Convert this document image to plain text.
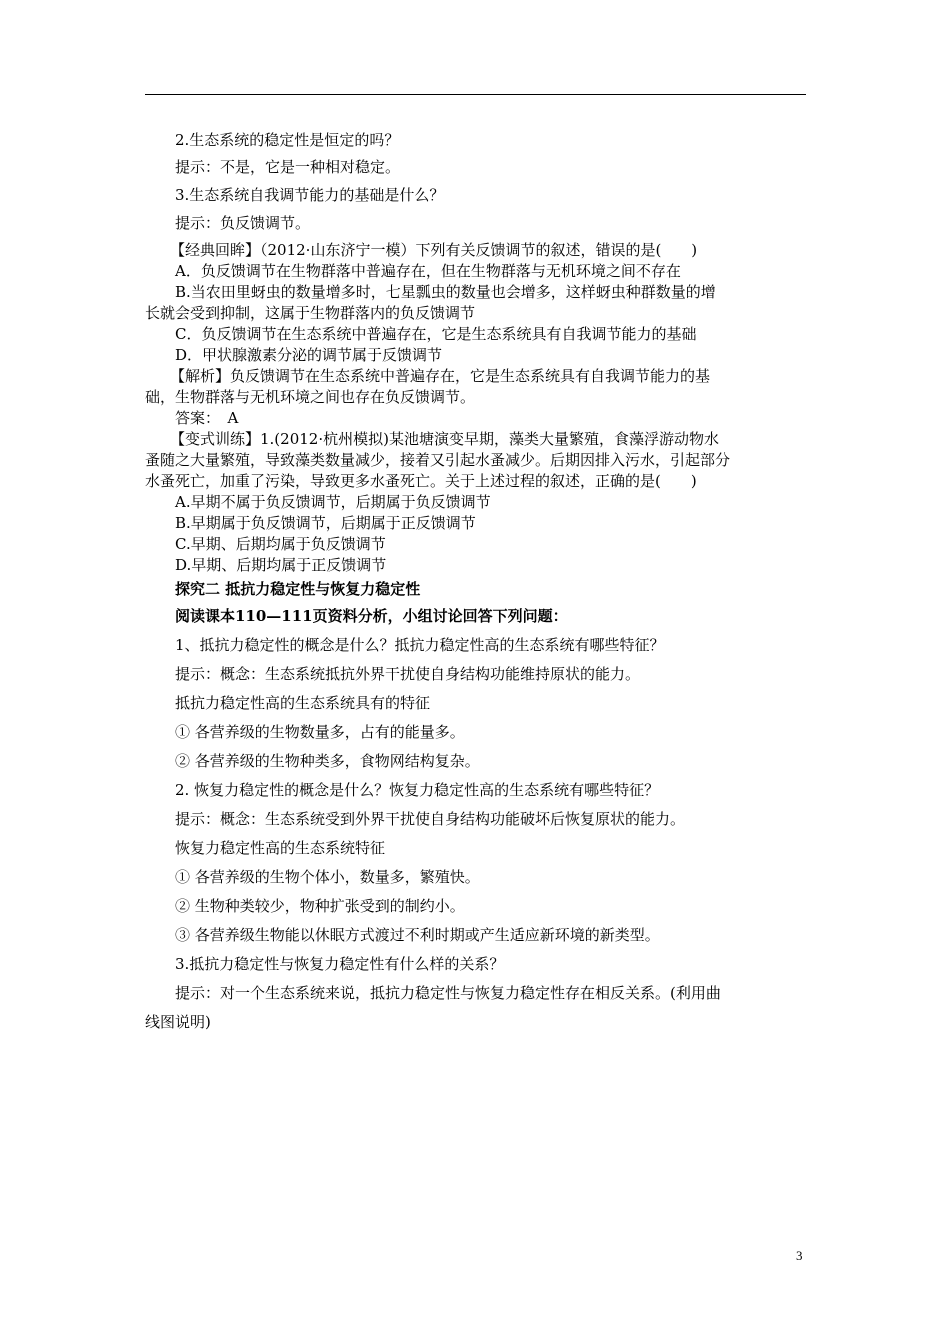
2.生态系统的稳定性是恒定的吗？
提示：不是，它是一种相对稳定。
3.生态系统自我调节能力的基础是什么？
提示：负反馈调节。
【经典回眸】（2012·山东济宁一模）下列有关反馈调节的叙述，错误的是(　　)
A．负反馈调节在生物群落中普遍存在，但在生物群落与无机环境之间不存在
B.当农田里蚜虫的数量增多时，七星瓢虫的数量也会增多，这样蚜虫种群数量的增
长就会受到抑制，这属于生物群落内的负反馈调节
C．负反馈调节在生态系统中普遍存在，它是生态系统具有自我调节能力的基础
D．甲状腺激素分泌的调节属于反馈调节
【解析】负反馈调节在生态系统中普遍存在，它是生态系统具有自我调节能力的基
础，生物群落与无机环境之间也存在负反馈调节。
答案：　A
【变式训练】1.(2012·杭州模拟)某池塘演变早期，藻类大量繁殖，食藻浮游动物水
蚤随之大量繁殖，导致藻类数量减少，接着又引起水蚤减少。后期因排入污水，引起部分
水蚤死亡，加重了污染，导致更多水蚤死亡。关于上述过程的叙述，正确的是(　　)
A.早期不属于负反馈调节，后期属于负反馈调节
B.早期属于负反馈调节，后期属于正反馈调节
C.早期、后期均属于负反馈调节
D.早期、后期均属于正反馈调节
探究二 抵抗力稳定性与恢复力稳定性
阅读课本110—111页资料分析，小组讨论回答下列问题：
1、抵抗力稳定性的概念是什么？抵抗力稳定性高的生态系统有哪些特征？
提示：概念：生态系统抵抗外界干扰使自身结构功能维持原状的能力。
抵抗力稳定性高的生态系统具有的特征
① 各营养级的生物数量多，占有的能量多。
② 各营养级的生物种类多，食物网结构复杂。
2. 恢复力稳定性的概念是什么？恢复力稳定性高的生态系统有哪些特征？
提示：概念：生态系统受到外界干扰使自身结构功能破坏后恢复原状的能力。
恢复力稳定性高的生态系统特征
① 各营养级的生物个体小，数量多，繁殖快。
② 生物种类较少，物种扩张受到的制约小。
③ 各营养级生物能以休眠方式渡过不利时期或产生适应新环境的新类型。
3.抵抗力稳定性与恢复力稳定性有什么样的关系？
提示：对一个生态系统来说，抵抗力稳定性与恢复力稳定性存在相反关系。(利用曲
线图说明)
3
